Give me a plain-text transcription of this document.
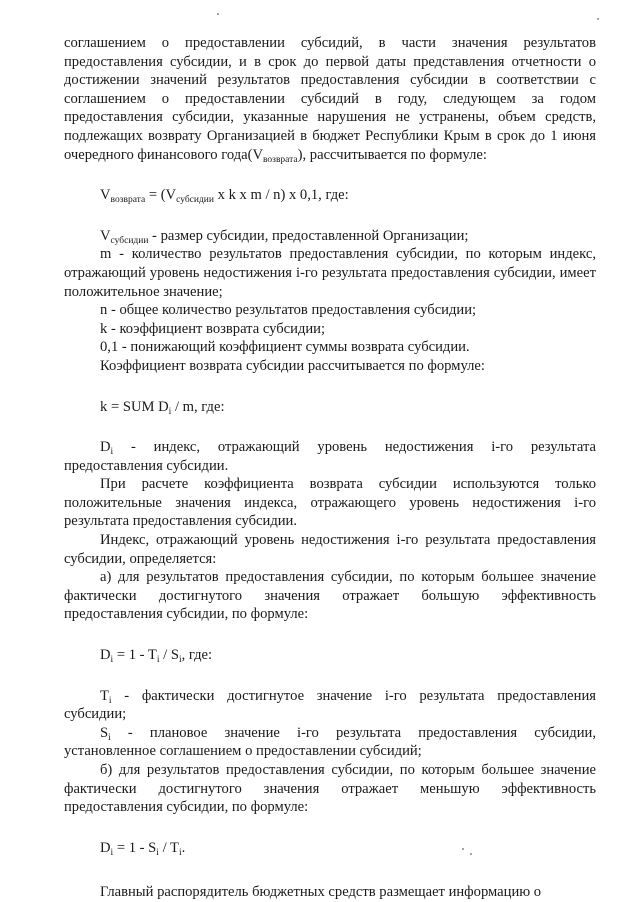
соглашением о предоставлении субсидий, в части значения результатов предоставления субсидии, и в срок до первой даты представления отчетности о достижении значений результатов предоставления субсидии в соответствии с соглашением о предоставлении субсидий в году, следующем за годом предоставления субсидии, указанные нарушения не устранены, объем средств, подлежащих возврату Организацией в бюджет Республики Крым в срок до 1 июня очередного финансового $года(V_{возврата})$, рассчитывается по формуле:

$V_{возврата} = (V_{субсидии}$ x k x m / n) x 0,1, где:

$V_{субсидии}$ - размер субсидии, предоставленной Организации;

m - количество результатов предоставления субсидии, по которым индекс, отражающий уровень недостижения i-го результата предоставления субсидии, имеет положительное значение;

n - общее количество результатов предоставления субсидии;

k - коэффициент возврата субсидии;

0,1 - понижающий коэффициент суммы возврата субсидии.

Коэффициент возврата субсидии рассчитывается по формуле:

k = SUM $D_i$ / m, где:

$D_i$ - индекс, отражающий уровень недостижения i-го результата предоставления субсидии.

При расчете коэффициента возврата субсидии используются только положительные значения индекса, отражающего уровень недостижения i-го результата предоставления субсидии.

Индекс, отражающий уровень недостижения i-го результата предоставления субсидии, определяется:

а) для результатов предоставления субсидии, по которым большее значение фактически достигнутого значения отражает большую эффективность предоставления субсидии, по формуле:

$D_i = 1 - T_i / S_i$, где:

$T_i$ - фактически достигнутое значение i-го результата предоставления субсидии;

$S_i$ - плановое значение i-го результата предоставления субсидии, установленное соглашением о предоставлении субсидий;

б) для результатов предоставления субсидии, по которым большее значение фактически достигнутого значения отражает меньшую эффективность предоставления субсидии, по формуле:

$D_i = 1 - S_i / T_i$.

Главный распорядитель бюджетных средств размещает информацию о
